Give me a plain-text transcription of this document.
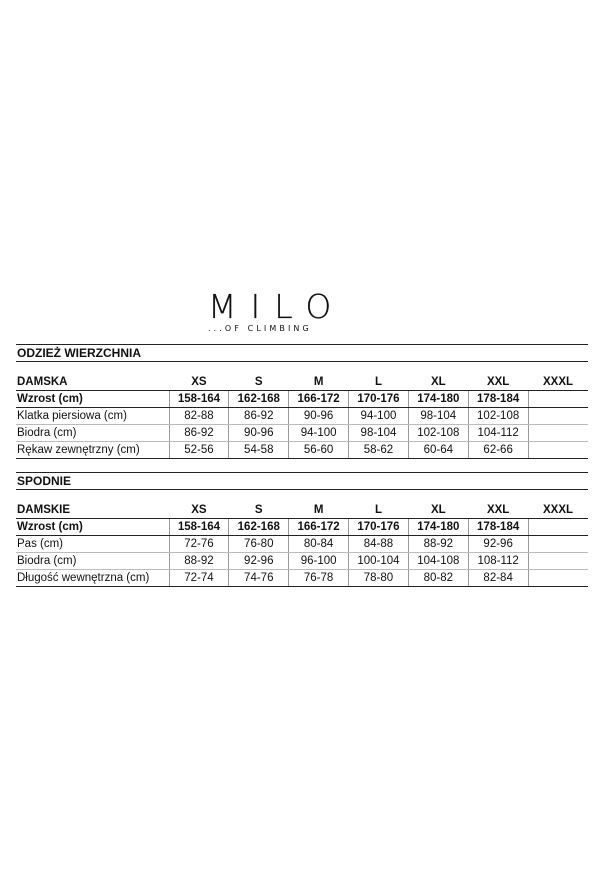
MILO
...OF CLIMBING
ODZIEŻ WIERZCHNIA
DAMSKA	XS	S	M	L	XL	XXL	XXXL
Wzrost (cm)	158-164	162-168	166-172	170-176	174-180	178-184	
Klatka piersiowa (cm)	82-88	86-92	90-96	94-100	98-104	102-108	
Biodra (cm)	86-92	90-96	94-100	98-104	102-108	104-112	
Rękaw zewnętrzny (cm)	52-56	54-58	56-60	58-62	60-64	62-66	
SPODNIE
DAMSKIE	XS	S	M	L	XL	XXL	XXXL
Wzrost (cm)	158-164	162-168	166-172	170-176	174-180	178-184	
Pas (cm)	72-76	76-80	80-84	84-88	88-92	92-96	
Biodra (cm)	88-92	92-96	96-100	100-104	104-108	108-112	
Długość wewnętrzna (cm)	72-74	74-76	76-78	78-80	80-82	82-84	
